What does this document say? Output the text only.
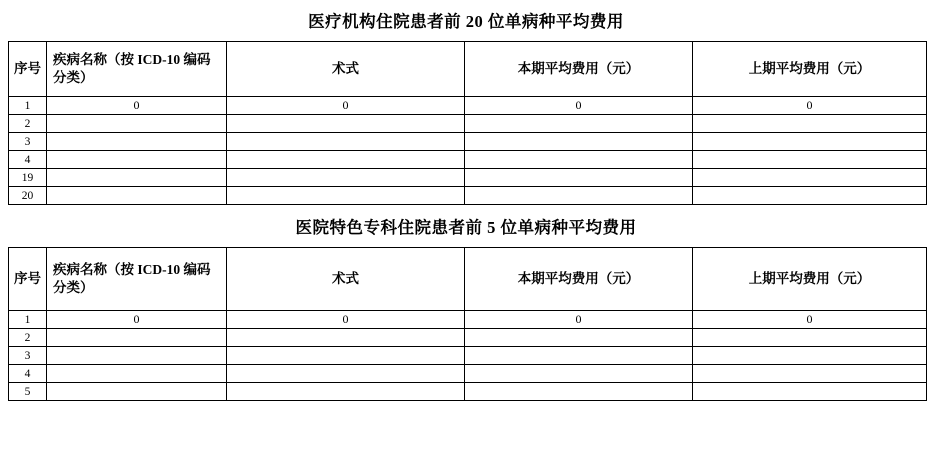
医疗机构住院患者前 20 位单病种平均费用
序号	疾病名称（按 ICD-10 编码分类）	术式	本期平均费用（元）	上期平均费用（元）
1	0	0	0	0
2				
3				
4				
19				
20				
医院特色专科住院患者前 5 位单病种平均费用
序号	疾病名称（按 ICD-10 编码分类）	术式	本期平均费用（元）	上期平均费用（元）
1	0	0	0	0
2				
3				
4				
5				
